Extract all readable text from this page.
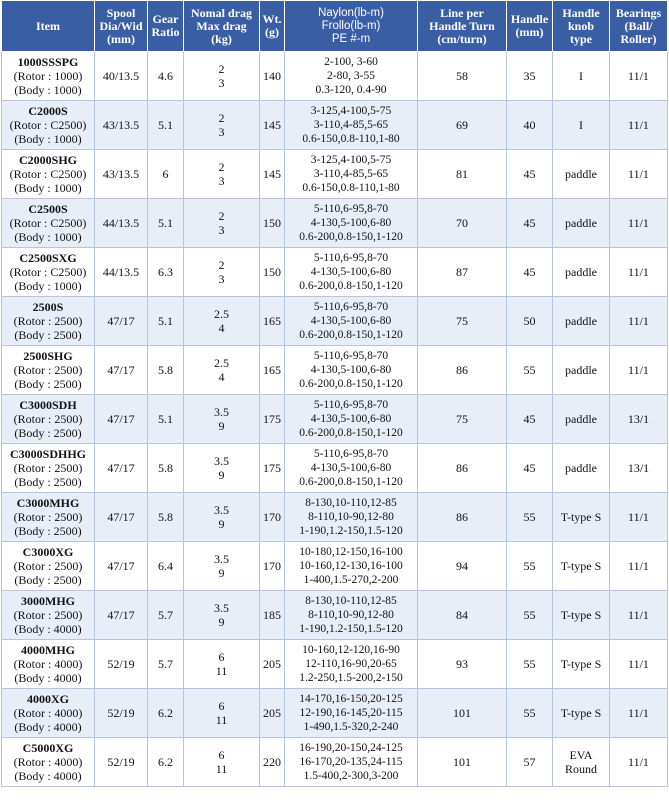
Item	Spool
Dia/Wid
(mm)	Gear
Ratio	Nomal drag
Max drag
(kg)	Wt.
(g)	Naylon(lb-m)
Frollo(lb-m)
PE #-m	Line per
Handle Turn
(cm/turn)	Handle
(mm)	Handle
knob
type	Bearings
(Ball/
Roller)

1000SSSPG
(Rotor : 1000)
(Body : 1000)	40/13.5	4.6	2
3	140	2-100, 3-60
2-80, 3-55
0.3-120, 0.4-90	58	35	I	11/1

C2000S
(Rotor : C2500)
(Body : 1000)	43/13.5	5.1	2
3	145	3-125,4-100,5-75
3-110,4-85,5-65
0.6-150,0.8-110,1-80	69	40	I	11/1

C2000SHG
(Rotor : C2500)
(Body : 1000)	43/13.5	6	2
3	145	3-125,4-100,5-75
3-110,4-85,5-65
0.6-150,0.8-110,1-80	81	45	paddle	11/1

C2500S
(Rotor : C2500)
(Body : 1000)	44/13.5	5.1	2
3	150	5-110,6-95,8-70
4-130,5-100,6-80
0.6-200,0.8-150,1-120	70	45	paddle	11/1

C2500SXG
(Rotor : C2500)
(Body : 1000)	44/13.5	6.3	2
3	150	5-110,6-95,8-70
4-130,5-100,6-80
0.6-200,0.8-150,1-120	87	45	paddle	11/1

2500S
(Rotor : 2500)
(Body : 2500)	47/17	5.1	2.5
4	165	5-110,6-95,8-70
4-130,5-100,6-80
0.6-200,0.8-150,1-120	75	50	paddle	11/1

2500SHG
(Rotor : 2500)
(Body : 2500)	47/17	5.8	2.5
4	165	5-110,6-95,8-70
4-130,5-100,6-80
0.6-200,0.8-150,1-120	86	55	paddle	11/1

C3000SDH
(Rotor : 2500)
(Body : 2500)	47/17	5.1	3.5
9	175	5-110,6-95,8-70
4-130,5-100,6-80
0.6-200,0.8-150,1-120	75	45	paddle	13/1

C3000SDHHG
(Rotor : 2500)
(Body : 2500)	47/17	5.8	3.5
9	175	5-110,6-95,8-70
4-130,5-100,6-80
0.6-200,0.8-150,1-120	86	45	paddle	13/1

C3000MHG
(Rotor : 2500)
(Body : 2500)	47/17	5.8	3.5
9	170	8-130,10-110,12-85
8-110,10-90,12-80
1-190,1.2-150,1.5-120	86	55	T-type S	11/1

C3000XG
(Rotor : 2500)
(Body : 2500)	47/17	6.4	3.5
9	170	10-180,12-150,16-100
10-160,12-130,16-100
1-400,1.5-270,2-200	94	55	T-type S	11/1

3000MHG
(Rotor : 2500)
(Body : 4000)	47/17	5.7	3.5
9	185	8-130,10-110,12-85
8-110,10-90,12-80
1-190,1.2-150,1.5-120	84	55	T-type S	11/1

4000MHG
(Rotor : 4000)
(Body : 4000)	52/19	5.7	6
11	205	10-160,12-120,16-90
12-110,16-90,20-65
1.2-250,1.5-200,2-150	93	55	T-type S	11/1

4000XG
(Rotor : 4000)
(Body : 4000)	52/19	6.2	6
11	205	14-170,16-150,20-125
12-190,16-145,20-115
1-490,1.5-320,2-240	101	55	T-type S	11/1

C5000XG
(Rotor : 4000)
(Body : 4000)	52/19	6.2	6
11	220	16-190,20-150,24-125
16-170,20-135,24-115
1.5-400,2-300,3-200	101	57	EVA
Round	11/1
